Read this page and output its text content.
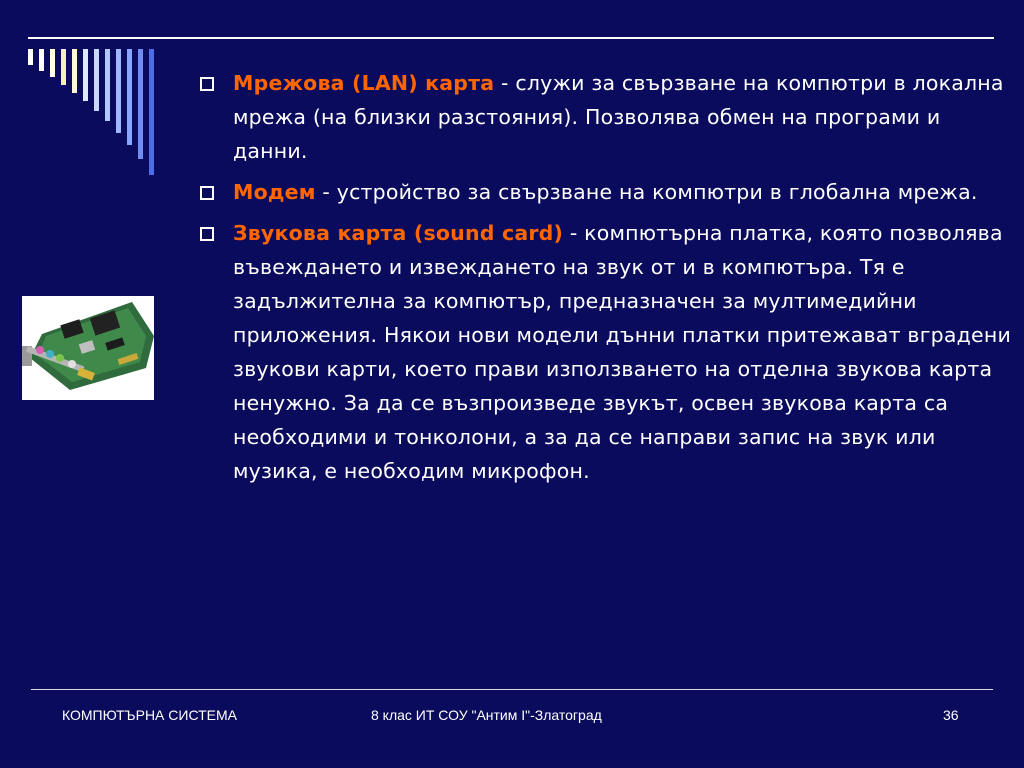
Мрежова (LAN) карта - служи за свързване на компютри в локална мрежа (на близки разстояния). Позволява обмен на програми и данни.
Модем - устройство за свързване на компютри в глобална мрежа.
Звукова карта (sound card) - компютърна платка, която позволява въвеждането и извеждането на звук от и в компютъра. Тя е задължителна за компютър, предназначен за мултимедийни приложения. Някои нови модели дънни платки притежават вградени звукови карти, което прави използването на отделна звукова карта ненужно. За да се възпроизведе звукът, освен звукова карта са необходими и тонколони, а за да се направи запис на звук или музика, е необходим микрофон.
КОМПЮТЪРНА СИСТЕМА	8 клас ИТ СОУ "Антим I"-Златоград	36
